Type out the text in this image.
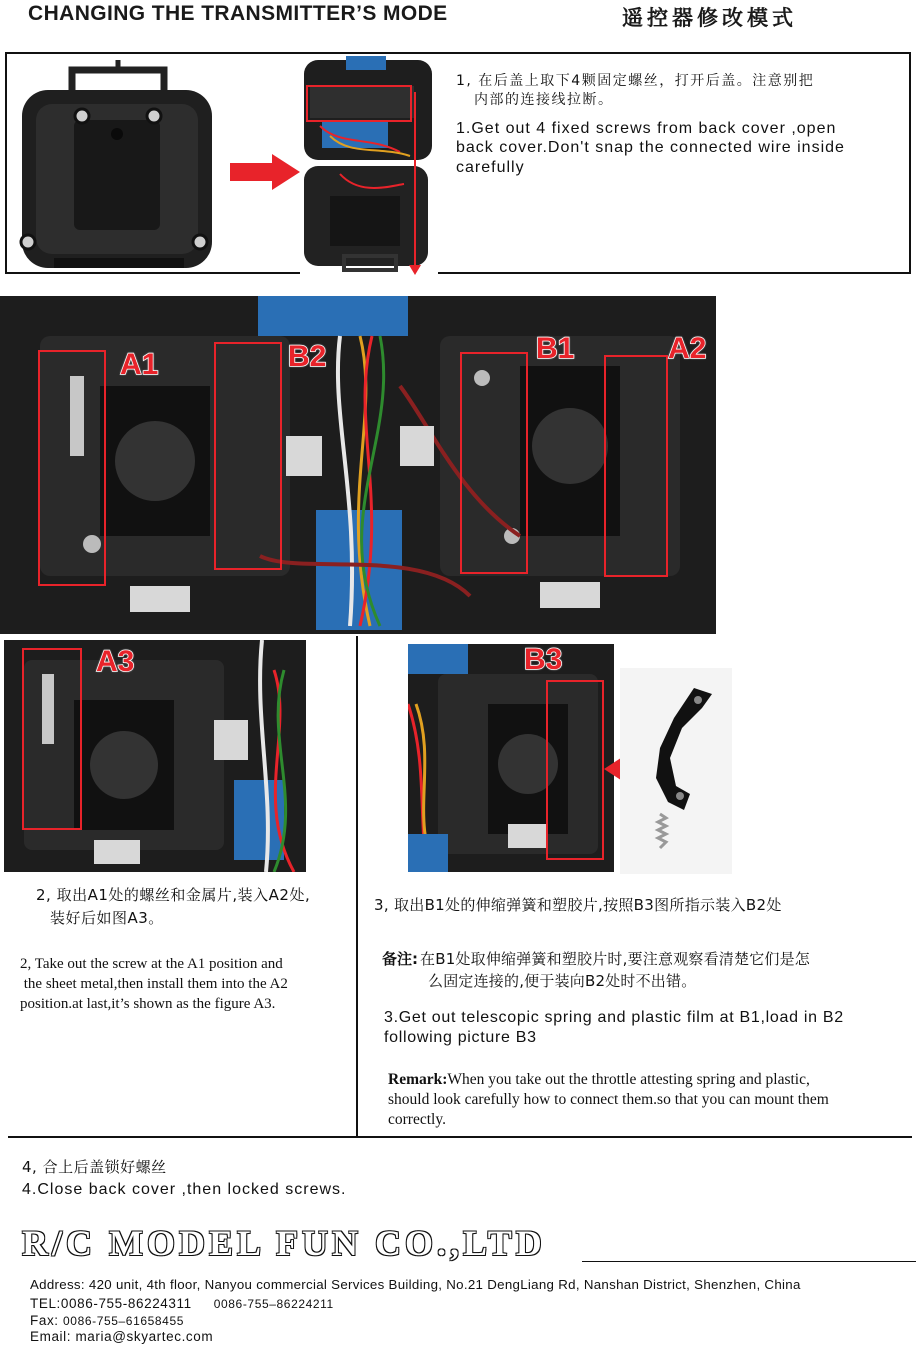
CHANGING THE TRANSMITTER’S MODE	遥控器修改模式
1, 在后盖上取下4颗固定螺丝，打开后盖。注意别把
内部的连接线拉断。
1.Get out 4 fixed screws from back cover ,open
back cover.Don't snap the connected wire inside
carefully
A1	B2	B1	A2
A3	B3
2, 取出A1处的螺丝和金属片,装入A2处,
装好后如图A3。
2, Take out the screw at the A1 position and
the sheet metal,then install them into the A2
position.at last,it’s shown as the figure A3.
3, 取出B1处的伸缩弹簧和塑胶片,按照B3图所指示装入B2处
备注: 在B1处取伸缩弹簧和塑胶片时,要注意观察看清楚它们是怎
么固定连接的,便于装向B2处时不出错。
3.Get out telescopic spring and plastic film at B1,load in B2
following picture B3
Remark:When you take out the throttle attesting spring and plastic,
should look carefully how to connect them.so that you can mount them
correctly.
4, 合上后盖锁好螺丝
4.Close back cover ,then locked screws.
R/C MODEL FUN CO.,LTD
Address: 420 unit, 4th floor, Nanyou commercial Services Building, No.21 DengLiang Rd, Nanshan District, Shenzhen, China
TEL:0086-755-86224311 0086-755–86224211
Fax: 0086-755–61658455
Email: maria@skyartec.com
